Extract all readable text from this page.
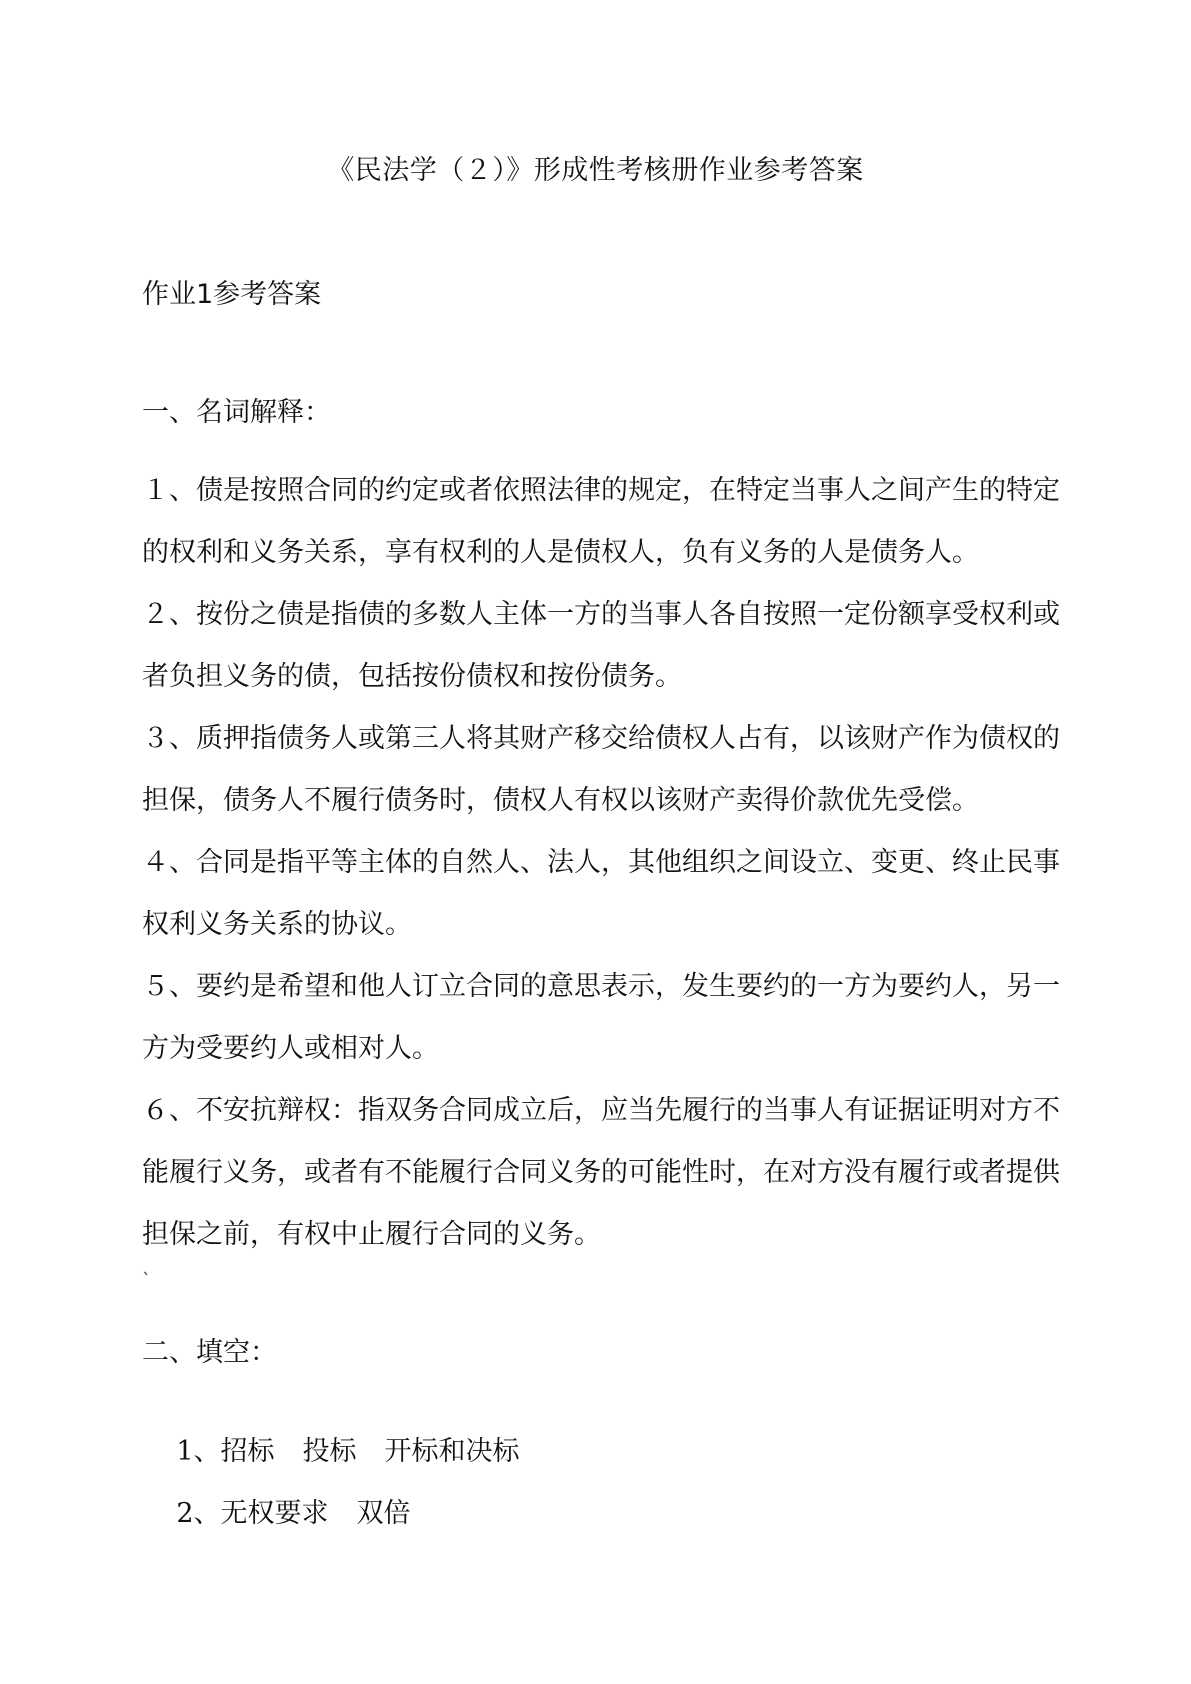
《民法学（２）》形成性考核册作业参考答案
作业1参考答案
一、名词解释：

１、债是按照合同的约定或者依照法律的规定，在特定当事人之间产生的特定的权利和义务关系，享有权利的人是债权人，负有义务的人是债务人。

２、按份之债是指债的多数人主体一方的当事人各自按照一定份额享受权利或者负担义务的债，包括按份债权和按份债务。

３、质押指债务人或第三人将其财产移交给债权人占有，以该财产作为债权的担保，债务人不履行债务时，债权人有权以该财产卖得价款优先受偿。

４、合同是指平等主体的自然人、法人，其他组织之间设立、变更、终止民事权利义务关系的协议。

５、要约是希望和他人订立合同的意思表示，发生要约的一方为要约人，另一方为受要约人或相对人。

６、不安抗辩权：指双务合同成立后，应当先履行的当事人有证据证明对方不能履行义务，或者有不能履行合同义务的可能性时，在对方没有履行或者提供担保之前，有权中止履行合同的义务。

`
二、填空：

1、招标 投标 开标和决标

2、无权要求 双倍
